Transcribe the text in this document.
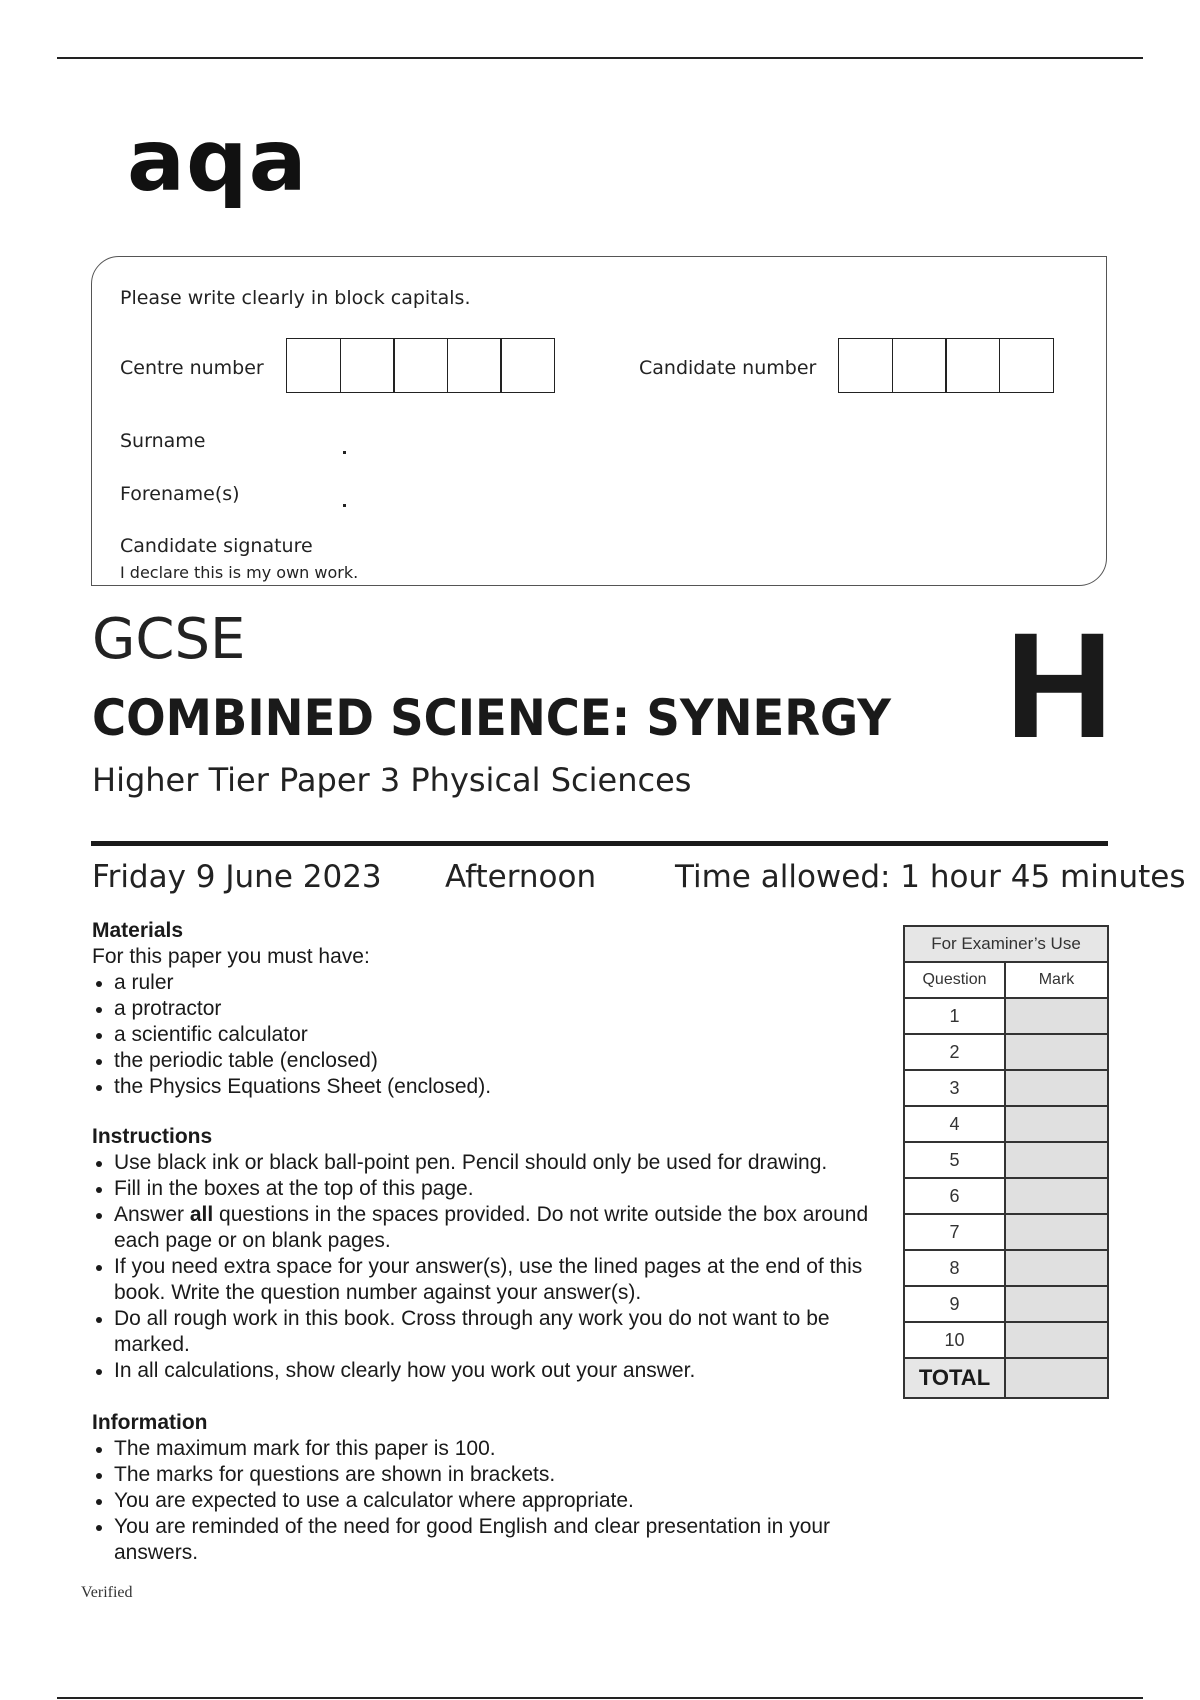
aqa
Please write clearly in block capitals.
Centre number	Candidate number
Surname
Forename(s)
Candidate signature
I declare this is my own work.
GCSE
COMBINED SCIENCE: SYNERGY H
Higher Tier Paper 3 Physical Sciences
Friday 9 June 2023 Afternoon	Time allowed: 1 hour 45 minutes
Materials
For this paper you must have:
a ruler
a protractor
a scientific calculator
the periodic table (enclosed)
the Physics Equations Sheet (enclosed).
Instructions
Use black ink or black ball-point pen. Pencil should only be used for drawing.
Fill in the boxes at the top of this page.
Answer all questions in the spaces provided. Do not write outside the box around each page or on blank pages.
If you need extra space for your answer(s), use the lined pages at the end of this book. Write the question number against your answer(s).
Do all rough work in this book. Cross through any work you do not want to be marked.
In all calculations, show clearly how you work out your answer.
Information
The maximum mark for this paper is 100.
The marks for questions are shown in brackets.
You are expected to use a calculator where appropriate.
You are reminded of the need for good English and clear presentation in your answers.
For Examiner’s Use	
Question	Mark
1	
2	
3	
4	
5	
6	
7	
8	
9	
10	
TOTAL	
Verified
